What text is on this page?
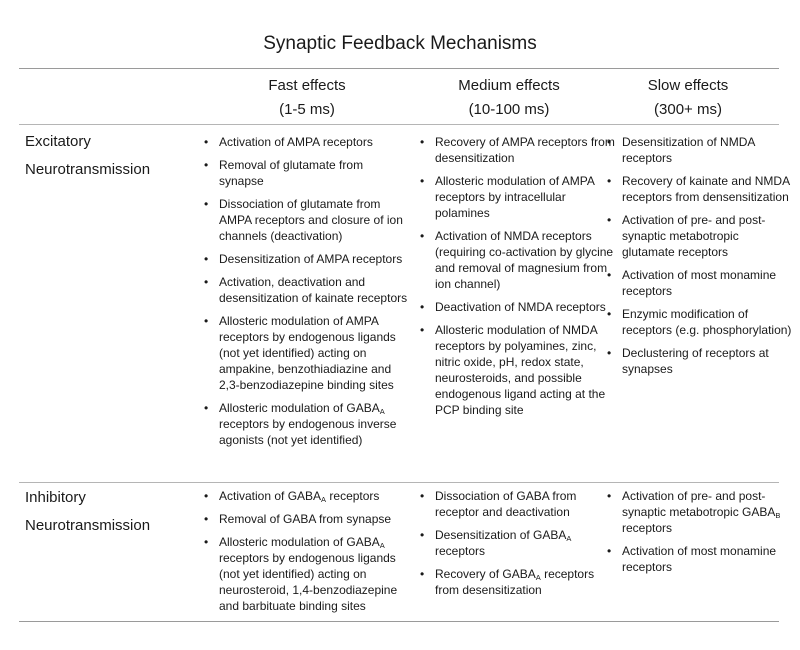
Synaptic Feedback Mechanisms
Fast effects
(1-5 ms)
Medium effects
(10-100 ms)
Slow effects
(300+ ms)
Excitatory
Neurotransmission
• Activation of AMPA receptors
• Removal of glutamate from synapse
• Dissociation of glutamate from AMPA receptors and closure of ion channels (deactivation)
• Desensitization of AMPA receptors
• Activation, deactivation and desensitization of kainate receptors
• Allosteric modulation of AMPA receptors by endogenous ligands (not yet identified) acting on ampakine, benzothiadiazine and 2,3-benzodiazepine binding sites
• Allosteric modulation of $GABA_A$ receptors by endogenous inverse agonists (not yet identified)
• Recovery of AMPA receptors from desensitization
• Allosteric modulation of AMPA receptors by intracellular polamines
• Activation of NMDA receptors (requiring co-activation by glycine and removal of magnesium from ion channel)
• Deactivation of NMDA receptors
• Allosteric modulation of NMDA receptors by polyamines, zinc, nitric oxide, pH, redox state, neurosteroids, and possible endogenous ligand acting at the PCP binding site
• Desensitization of NMDA receptors
• Recovery of kainate and NMDA receptors from densensitization
• Activation of pre- and post-synaptic metabotropic glutamate receptors
• Activation of most monamine receptors
• Enzymic modification of receptors (e.g. phosphorylation)
• Declustering of receptors at synapses
Inhibitory
Neurotransmission
• Activation of $GABA_A$ receptors
• Removal of GABA from synapse
• Allosteric modulation of $GABA_A$ receptors by endogenous ligands (not yet identified) acting on neurosteroid, 1,4-benzodiazepine and barbituate binding sites
• Dissociation of GABA from receptor and deactivation
• Desensitization of $GABA_A$ receptors
• Recovery of $GABA_A$ receptors from desensitization
• Activation of pre- and post-synaptic metabotropic $GABA_B$ receptors
• Activation of most monamine receptors
